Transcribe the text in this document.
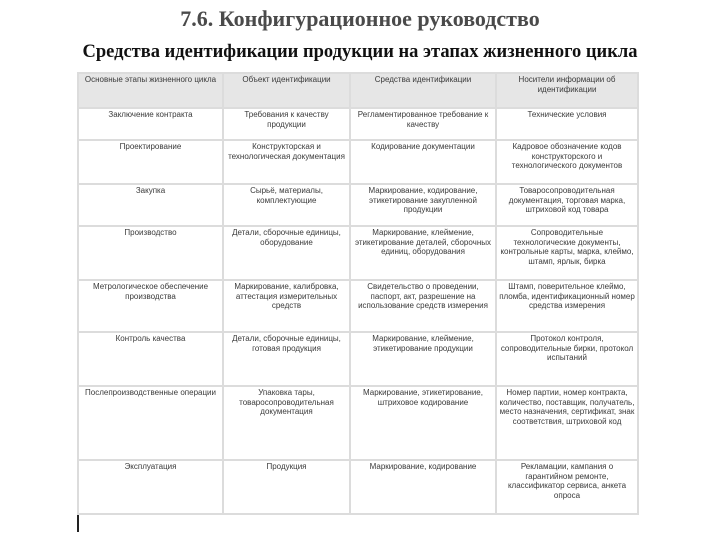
7.6. Конфигурационное руководство
Средства идентификации продукции на этапах жизненного цикла
Основные этапы жизненного цикла	Объект идентификации	Средства идентификации	Носители информации об идентификации
Заключение контракта	Требования к качеству продукции	Регламентированное требование к качеству	Технические условия
Проектирование	Конструкторская и технологическая документация	Кодирование документации	Кадровое обозначение кодов конструкторского и технологического документов
Закупка	Сырьё, материалы, комплектующие	Маркирование, кодирование, этикетирование закупленной продукции	Товаросопроводительная документация, торговая марка, штриховой код товара
Производство	Детали, сборочные единицы, оборудование	Маркирование, клеймение, этикетирование деталей, сборочных единиц, оборудования	Сопроводительные технологические документы, контрольные карты, марка, клеймо, штамп, ярлык, бирка
Метрологическое обеспечение производства	Маркирование, калибровка, аттестация измерительных средств	Свидетельство о проведении, паспорт, акт, разрешение на использование средств измерения	Штамп, поверительное клеймо, пломба, идентификационный номер средства измерения
Контроль качества	Детали, сборочные единицы, готовая продукция	Маркирование, клеймение, этикетирование продукции	Протокол контроля, сопроводительные бирки, протокол испытаний
Послепроизводственные операции	Упаковка тары, товаросопроводительная документация	Маркирование, этикетирование, штриховое кодирование	Номер партии, номер контракта, количество, поставщик, получатель, место назначения, сертификат, знак соответствия, штриховой код
Эксплуатация	Продукция	Маркирование, кодирование	Рекламации, кампания о гарантийном ремонте, классификатор сервиса, анкета опроса
